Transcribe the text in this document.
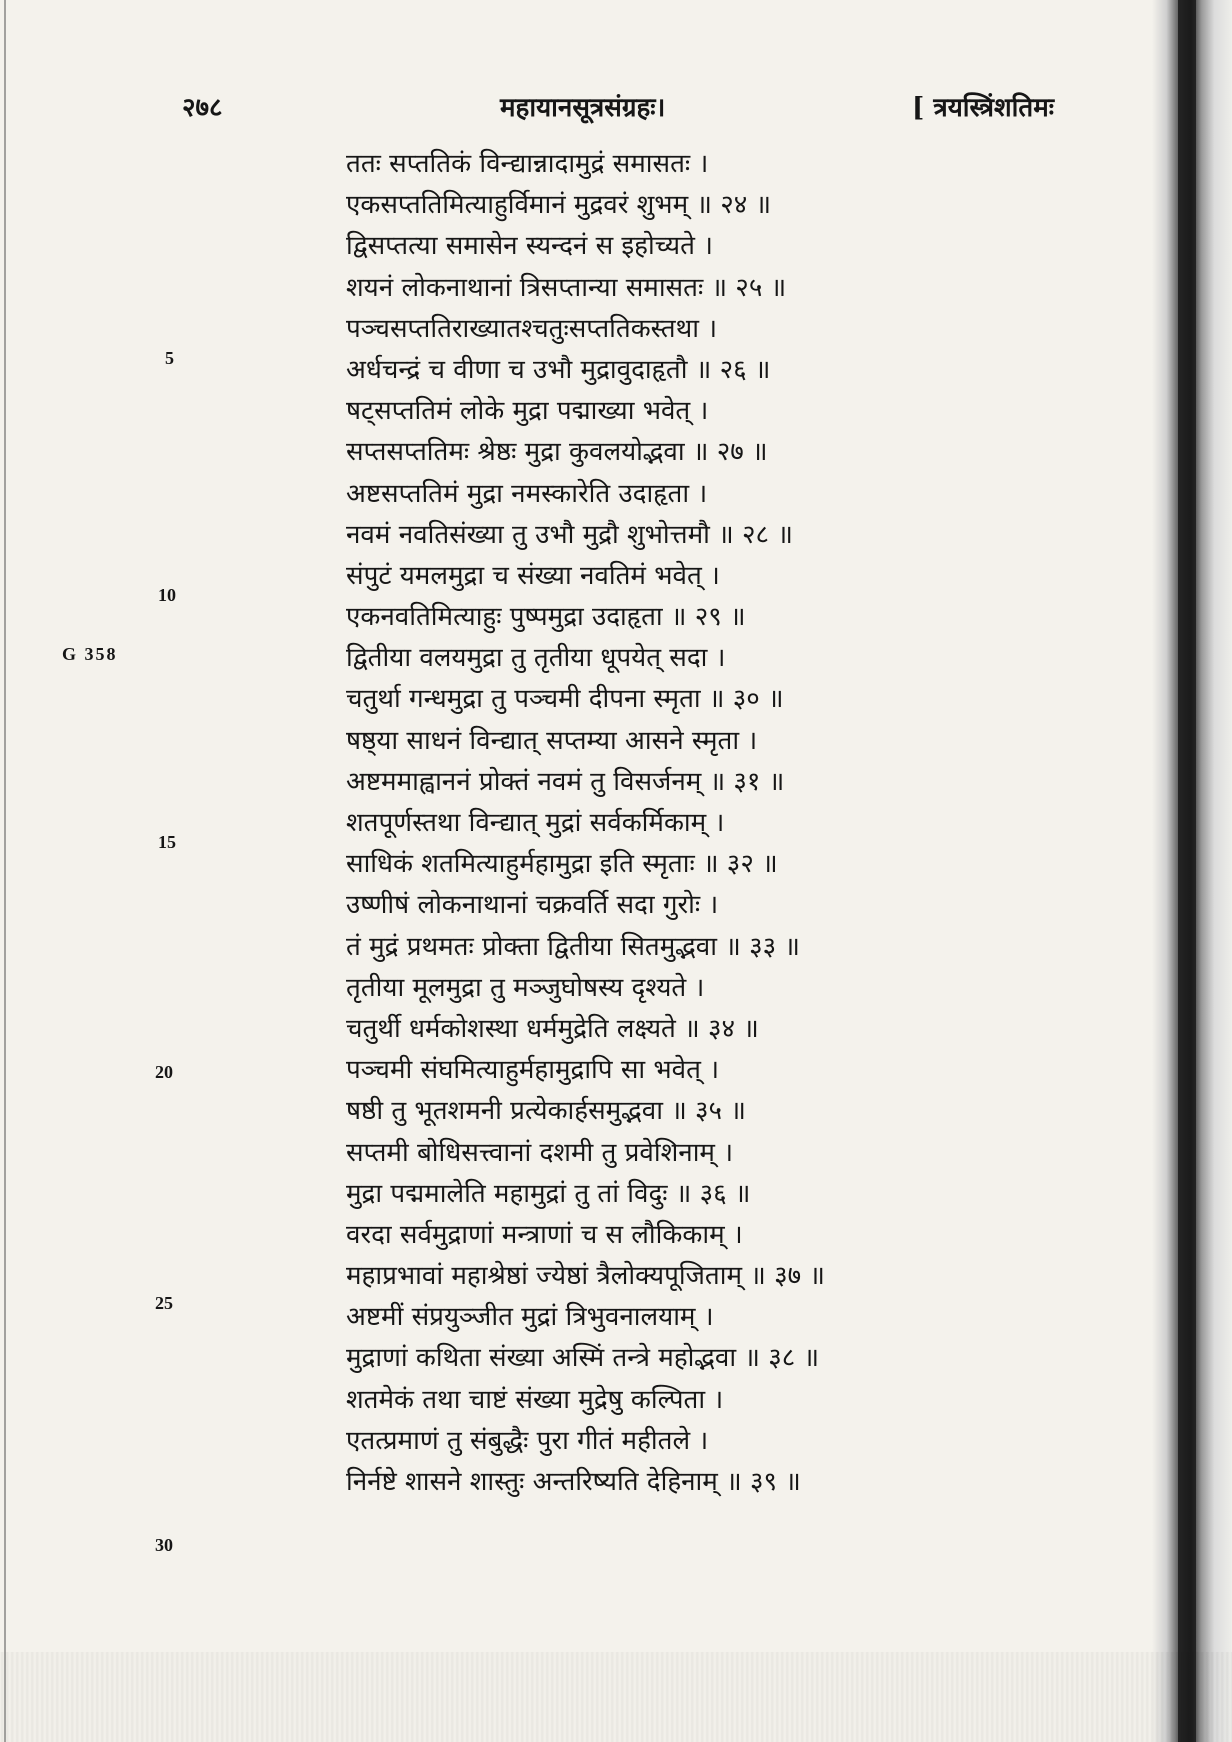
२७८	महायानसूत्रसंग्रहः।	[ त्रयस्त्रिंशतिमः
5
10
15
20
25
30
G 358
ततः सप्ततिकं विन्द्यान्नादामुद्रं समासतः ।
एकसप्ततिमित्याहुर्विमानं मुद्रवरं शुभम् ॥ २४ ॥
द्विसप्तत्या समासेन स्यन्दनं स इहोच्यते ।
शयनं लोकनाथानां त्रिसप्तान्या समासतः ॥ २५ ॥
पञ्चसप्ततिराख्यातश्चतुःसप्ततिकस्तथा ।
अर्धचन्द्रं च वीणा च उभौ मुद्रावुदाहृतौ ॥ २६ ॥
षट्सप्ततिमं लोके मुद्रा पद्माख्या भवेत् ।
सप्तसप्ततिमः श्रेष्ठः मुद्रा कुवलयोद्भवा ॥ २७ ॥
अष्टसप्ततिमं मुद्रा नमस्कारेति उदाहृता ।
नवमं नवतिसंख्या तु उभौ मुद्रौ शुभोत्तमौ ॥ २८ ॥
संपुटं यमलमुद्रा च संख्या नवतिमं भवेत् ।
एकनवतिमित्याहुः पुष्पमुद्रा उदाहृता ॥ २९ ॥
द्वितीया वलयमुद्रा तु तृतीया धूपयेत् सदा ।
चतुर्था गन्धमुद्रा तु पञ्चमी दीपना स्मृता ॥ ३० ॥
षष्ठ्या साधनं विन्द्यात् सप्तम्या आसने स्मृता ।
अष्टममाह्वाननं प्रोक्तं नवमं तु विसर्जनम् ॥ ३१ ॥
शतपूर्णस्तथा विन्द्यात् मुद्रां सर्वकर्मिकाम् ।
साधिकं शतमित्याहुर्महामुद्रा इति स्मृताः ॥ ३२ ॥
उष्णीषं लोकनाथानां चक्रवर्ति सदा गुरोः ।
तं मुद्रं प्रथमतः प्रोक्ता द्वितीया सितमुद्भवा ॥ ३३ ॥
तृतीया मूलमुद्रा तु मञ्जुघोषस्य दृश्यते ।
चतुर्थी धर्मकोशस्था धर्ममुद्रेति लक्ष्यते ॥ ३४ ॥
पञ्चमी संघमित्याहुर्महामुद्रापि सा भवेत् ।
षष्ठी तु भूतशमनी प्रत्येकार्हसमुद्भवा ॥ ३५ ॥
सप्तमी बोधिसत्त्वानां दशमी तु प्रवेशिनाम् ।
मुद्रा पद्ममालेति महामुद्रां तु तां विदुः ॥ ३६ ॥
वरदा सर्वमुद्राणां मन्त्राणां च स लौकिकाम् ।
महाप्रभावां महाश्रेष्ठां ज्येष्ठां त्रैलोक्यपूजिताम् ॥ ३७ ॥
अष्टमीं संप्रयुञ्जीत मुद्रां त्रिभुवनालयाम् ।
मुद्राणां कथिता संख्या अस्मिं तन्त्रे महोद्भवा ॥ ३८ ॥
शतमेकं तथा चाष्टं संख्या मुद्रेषु कल्पिता ।
एतत्प्रमाणं तु संबुद्धैः पुरा गीतं महीतले ।
निर्नष्टे शासने शास्तुः अन्तरिष्यति देहिनाम् ॥ ३९ ॥
